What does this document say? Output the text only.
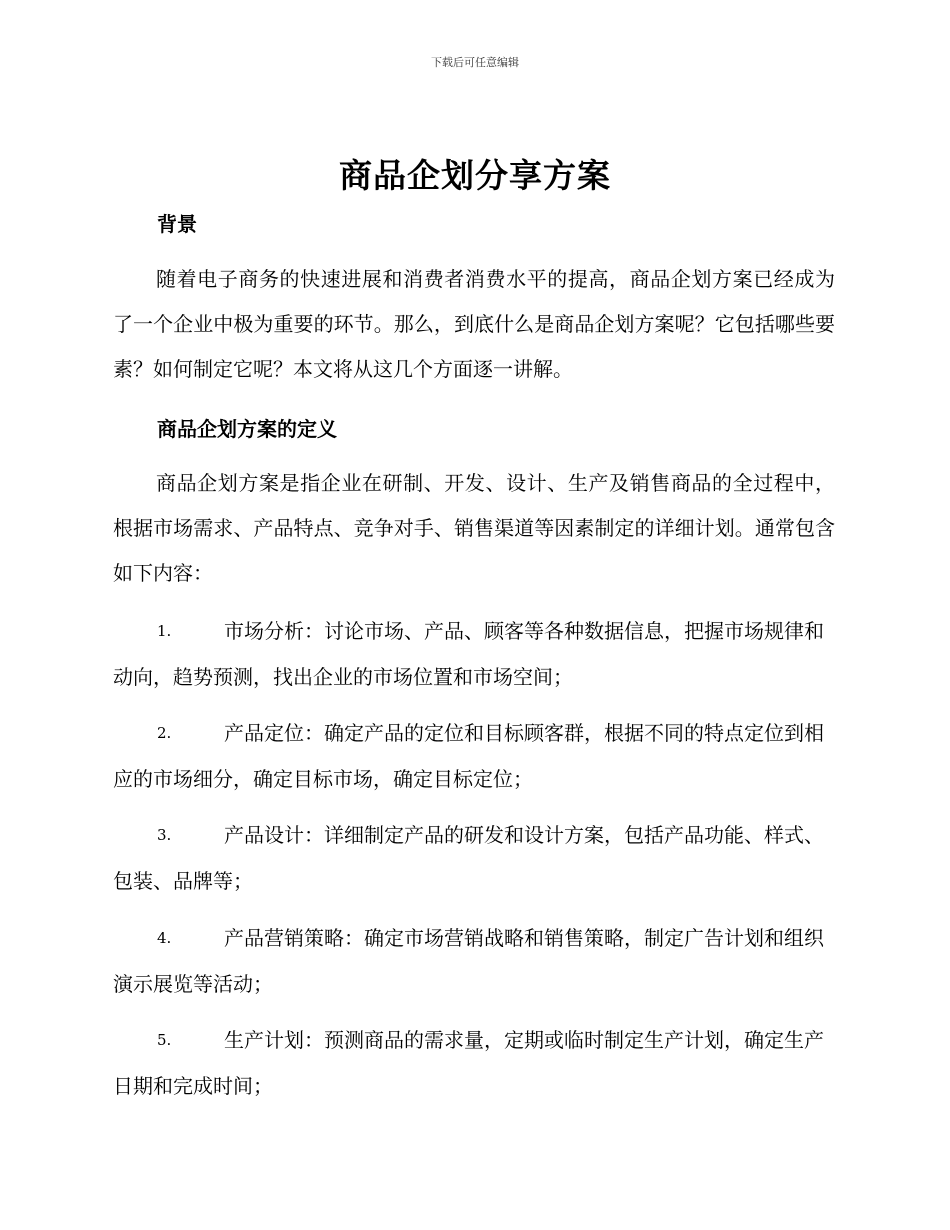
下载后可任意编辑
商品企划分享方案
背景

随着电子商务的快速进展和消费者消费水平的提高，商品企划方案已经成为了一个企业中极为重要的环节。那么，到底什么是商品企划方案呢？它包括哪些要素？如何制定它呢？本文将从这几个方面逐一讲解。

商品企划方案的定义

商品企划方案是指企业在研制、开发、设计、生产及销售商品的全过程中，根据市场需求、产品特点、竞争对手、销售渠道等因素制定的详细计划。通常包含如下内容：

1.	市场分析：讨论市场、产品、顾客等各种数据信息，把握市场规律和动向，趋势预测，找出企业的市场位置和市场空间；
2.	产品定位：确定产品的定位和目标顾客群，根据不同的特点定位到相应的市场细分，确定目标市场，确定目标定位；
3.	产品设计：详细制定产品的研发和设计方案，包括产品功能、样式、包装、品牌等；
4.	产品营销策略：确定市场营销战略和销售策略，制定广告计划和组织演示展览等活动；
5.	生产计划：预测商品的需求量，定期或临时制定生产计划，确定生产日期和完成时间；
